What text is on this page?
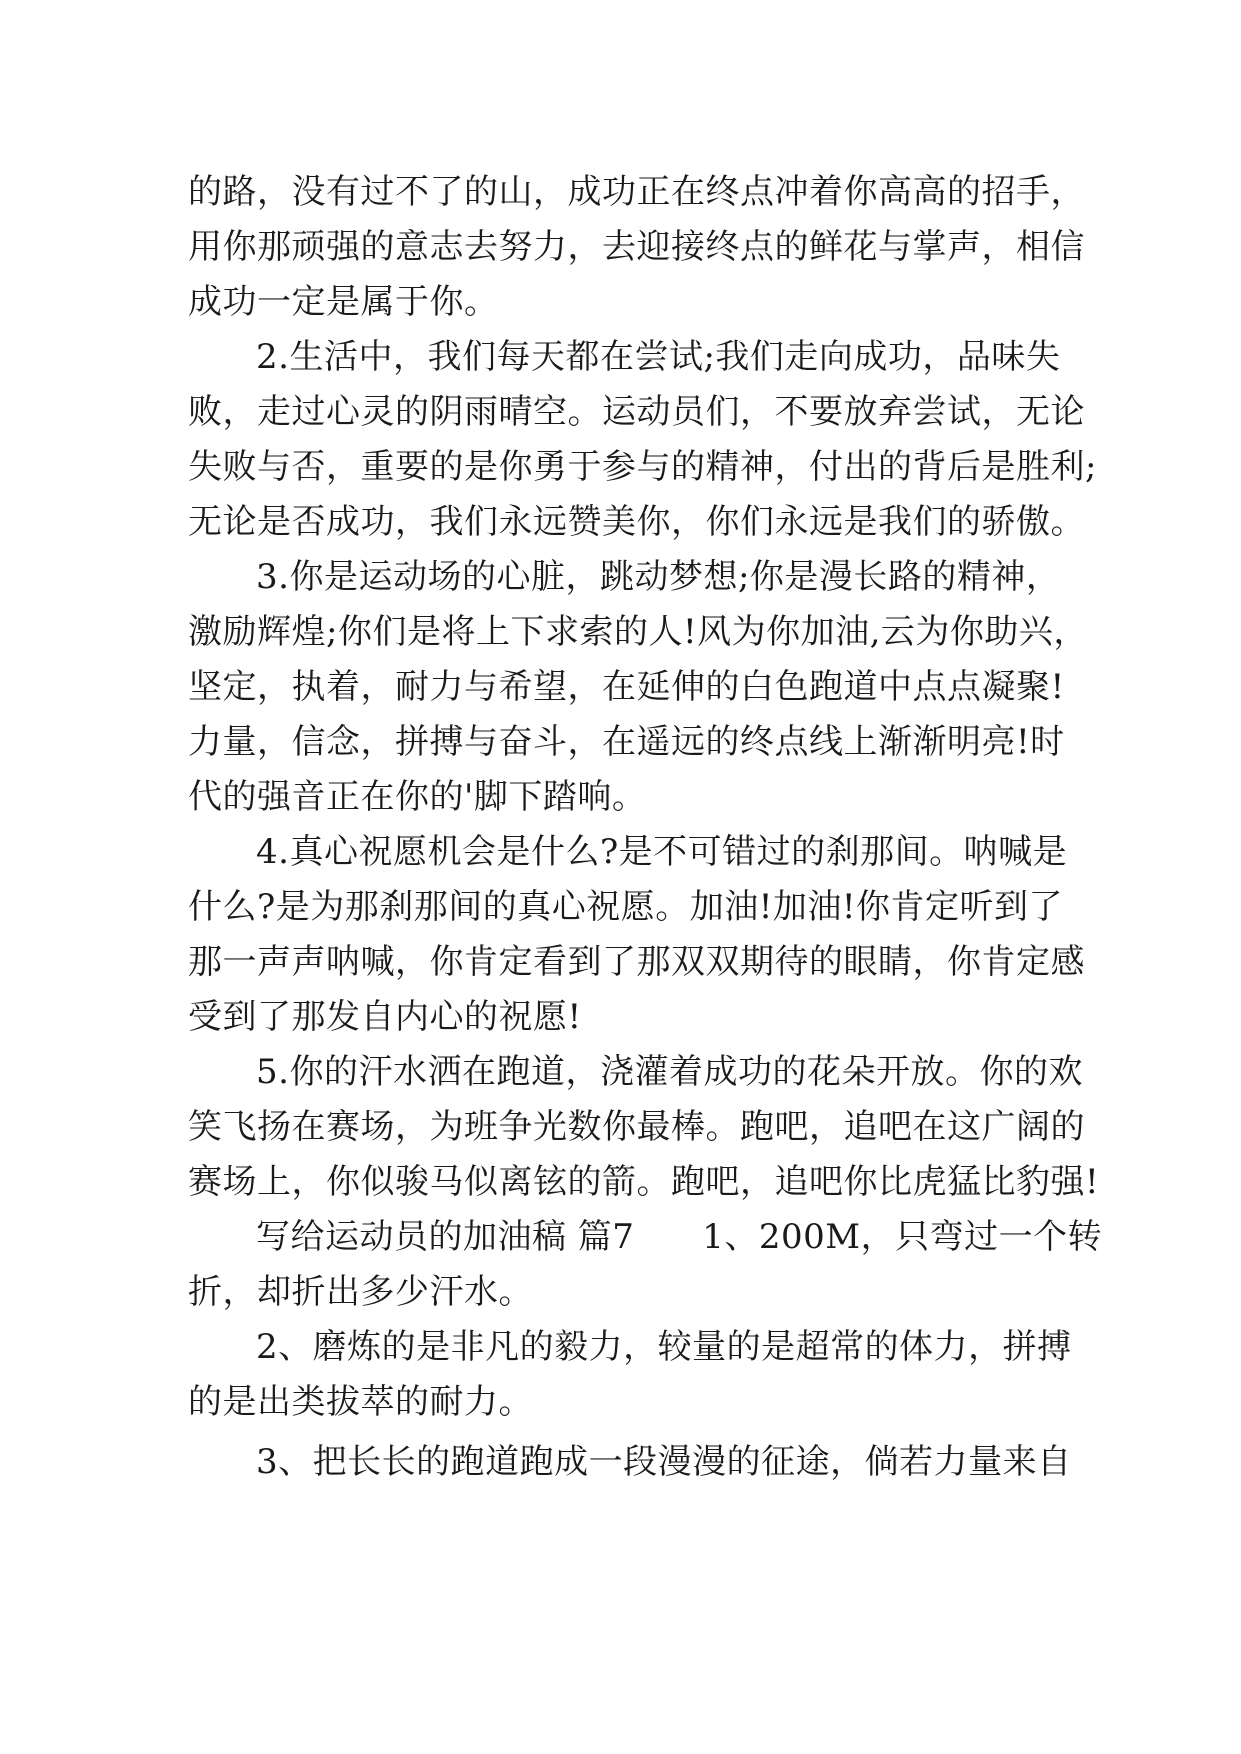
的路，没有过不了的山，成功正在终点冲着你高高的招手，
用你那顽强的意志去努力，去迎接终点的鲜花与掌声，相信
成功一定是属于你。
2.生活中，我们每天都在尝试;我们走向成功，品味失
败，走过心灵的阴雨晴空。运动员们，不要放弃尝试，无论
失败与否，重要的是你勇于参与的精神，付出的背后是胜利;
无论是否成功，我们永远赞美你，你们永远是我们的骄傲。
3.你是运动场的心脏，跳动梦想;你是漫长路的精神，
激励辉煌;你们是将上下求索的人!风为你加油,云为你助兴，
坚定，执着，耐力与希望，在延伸的白色跑道中点点凝聚!
力量，信念，拼搏与奋斗，在遥远的终点线上渐渐明亮!时
代的强音正在你的'脚下踏响。
4.真心祝愿机会是什么?是不可错过的刹那间。呐喊是
什么?是为那刹那间的真心祝愿。加油!加油!你肯定听到了
那一声声呐喊，你肯定看到了那双双期待的眼睛，你肯定感
受到了那发自内心的祝愿!
5.你的汗水洒在跑道，浇灌着成功的花朵开放。你的欢
笑飞扬在赛场，为班争光数你最棒。跑吧，追吧在这广阔的
赛场上，你似骏马似离铉的箭。跑吧，追吧你比虎猛比豹强!
写给运动员的加油稿 篇7      1、200M，只弯过一个转
折，却折出多少汗水。
2、磨炼的是非凡的毅力，较量的是超常的体力，拼搏
的是出类拔萃的耐力。
3、把长长的跑道跑成一段漫漫的征途，倘若力量来自
